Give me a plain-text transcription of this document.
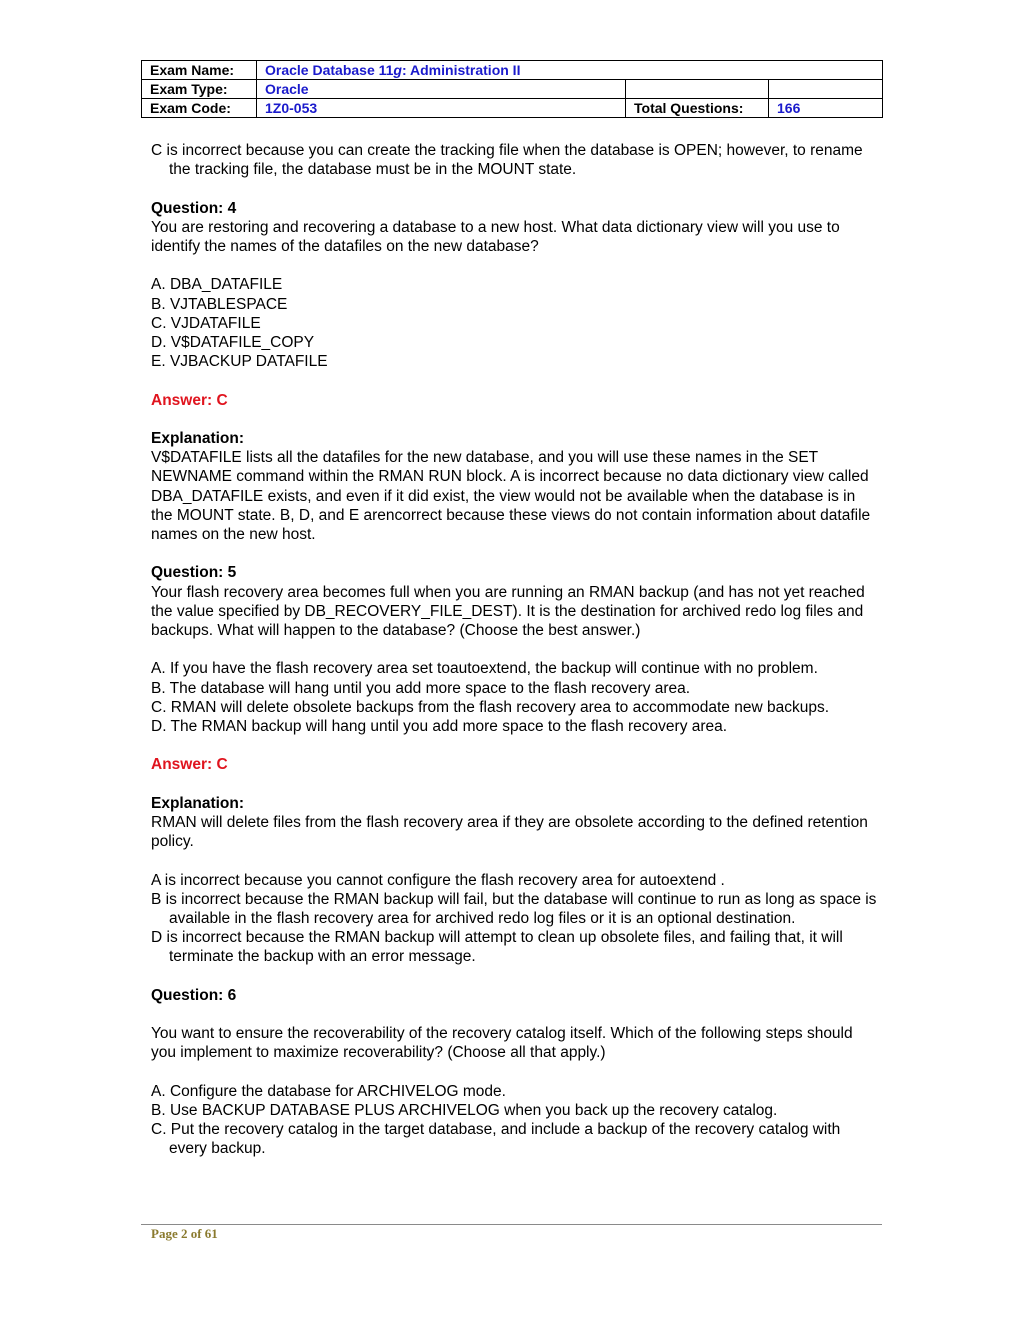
Exam Name:	Oracle Database 11g: Administration II		
Exam Type:	Oracle		
Exam Code:	1Z0-053	Total Questions:	166

C is incorrect because you can create the tracking file when the database is OPEN; however, to rename the tracking file, the database must be in the MOUNT state.

Question: 4

You are restoring and recovering a database to a new host. What data dictionary view will you use to identify the names of the datafiles on the new database?

A. DBA_DATAFILE

B. VJTABLESPACE

C. VJDATAFILE

D. V$DATAFILE_COPY

E. VJBACKUP DATAFILE

Answer: C

Explanation:

V$DATAFILE lists all the datafiles for the new database, and you will use these names in the SET NEWNAME command within the RMAN RUN block. A is incorrect because no data dictionary view called DBA_DATAFILE exists, and even if it did exist, the view would not be available when the database is in the MOUNT state. B, D, and E arencorrect because these views do not contain information about datafile names on the new host.

Question: 5

Your flash recovery area becomes full when you are running an RMAN backup (and has not yet reached the value specified by DB_RECOVERY_FILE_DEST). It is the destination for archived redo log files and backups. What will happen to the database? (Choose the best answer.)

A. If you have the flash recovery area set toautoextend, the backup will continue with no problem.

B. The database will hang until you add more space to the flash recovery area.

C. RMAN will delete obsolete backups from the flash recovery area to accommodate new backups.

D. The RMAN backup will hang until you add more space to the flash recovery area.

Answer: C

Explanation:

RMAN will delete files from the flash recovery area if they are obsolete according to the defined retention policy.

A is incorrect because you cannot configure the flash recovery area for autoextend .

B is incorrect because the RMAN backup will fail, but the database will continue to run as long as space is available in the flash recovery area for archived redo log files or it is an optional destination.

D is incorrect because the RMAN backup will attempt to clean up obsolete files, and failing that, it will terminate the backup with an error message.

Question: 6

You want to ensure the recoverability of the recovery catalog itself. Which of the following steps should you implement to maximize recoverability? (Choose all that apply.)

A. Configure the database for ARCHIVELOG mode.

B. Use BACKUP DATABASE PLUS ARCHIVELOG when you back up the recovery catalog.

C. Put the recovery catalog in the target database, and include a backup of the recovery catalog with every backup.

Page 2 of 61
